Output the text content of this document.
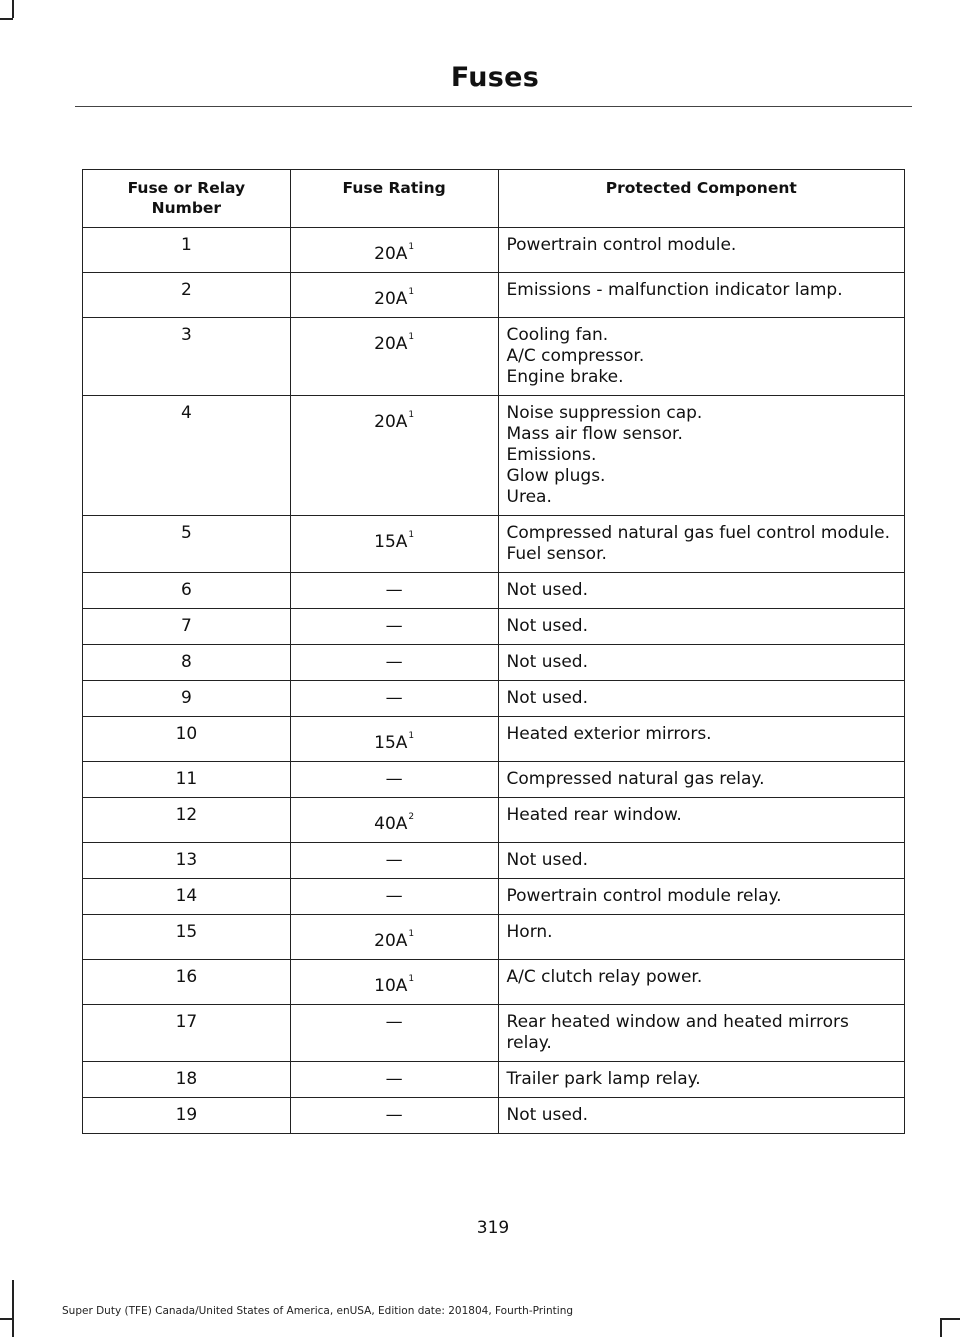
Fuses
Fuse or Relay Number	Fuse Rating	Protected Component
1	$20A^1$	Powertrain control module.

2	$20A^1$	Emissions - malfunction indicator lamp.

3	$20A^1$	Cooling fan.
A/C compressor.
Engine brake.

4	$20A^1$	Noise suppression cap.
Mass air flow sensor.
Emissions.
Glow plugs.
Urea.

5	$15A^1$	Compressed natural gas fuel control module.
Fuel sensor.

6	—	Not used.

7	—	Not used.

8	—	Not used.

9	—	Not used.

10	$15A^1$	Heated exterior mirrors.

11	—	Compressed natural gas relay.

12	$40A^2$	Heated rear window.

13	—	Not used.

14	—	Powertrain control module relay.

15	$20A^1$	Horn.

16	$10A^1$	A/C clutch relay power.

17	—	Rear heated window and heated mirrors relay.

18	—	Trailer park lamp relay.

19	—	Not used.
319
Super Duty (TFE) Canada/United States of America, enUSA, Edition date: 201804, Fourth-Printing
